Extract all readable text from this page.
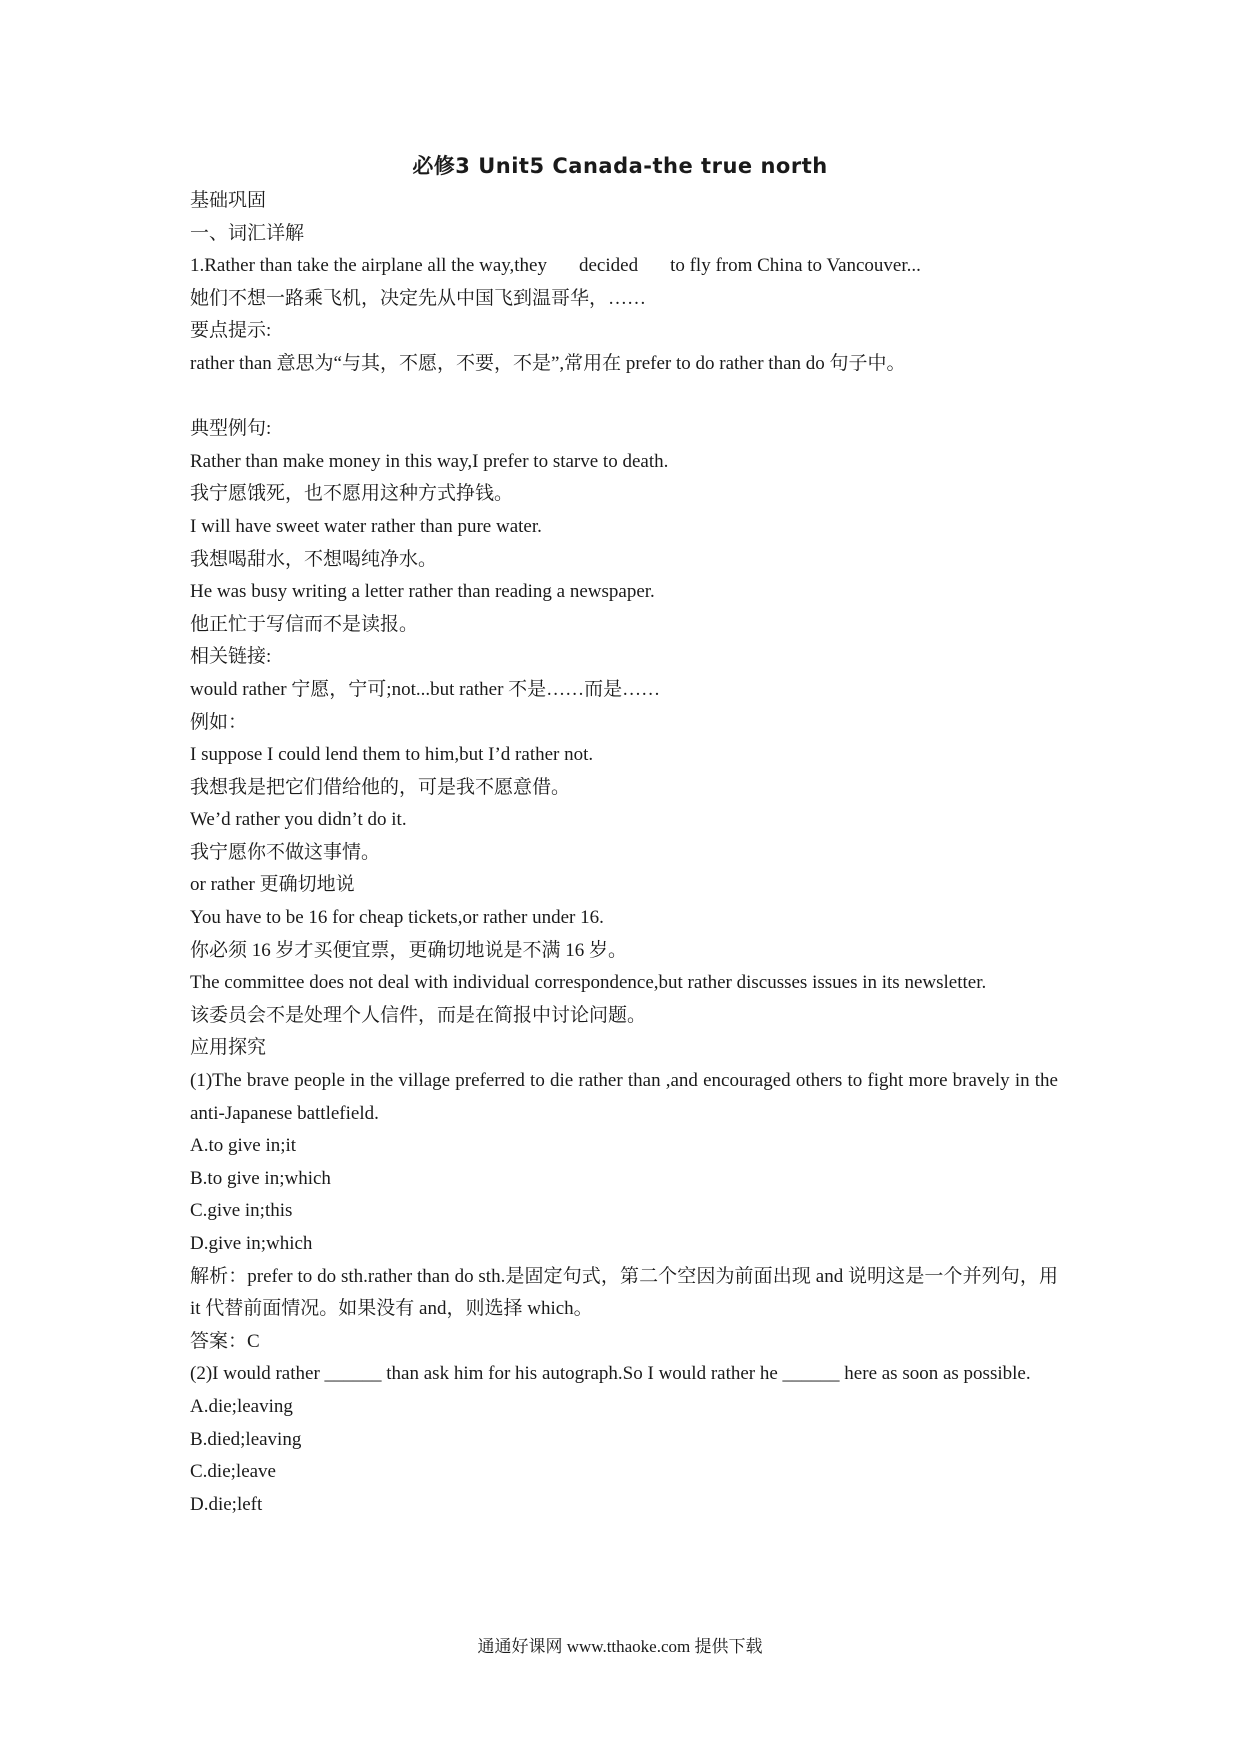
必修3 Unit5 Canada-the true north
基础巩固
一、词汇详解
1.Rather than take the airplane all the way,they decided to fly from China to Vancouver...
她们不想一路乘飞机，决定先从中国飞到温哥华，……
要点提示:
rather than 意思为“与其，不愿，不要，不是”,常用在 prefer to do rather than do 句子中。
典型例句:
Rather than make money in this way,I prefer to starve to death.
我宁愿饿死，也不愿用这种方式挣钱。
I will have sweet water rather than pure water.
我想喝甜水，不想喝纯净水。
He was busy writing a letter rather than reading a newspaper.
他正忙于写信而不是读报。
相关链接:
would rather 宁愿，宁可;not...but rather 不是……而是……
例如：
I suppose I could lend them to him,but I’d rather not.
我想我是把它们借给他的，可是我不愿意借。
We’d rather you didn’t do it.
我宁愿你不做这事情。
or rather 更确切地说
You have to be 16 for cheap tickets,or rather under 16.
你必须 16 岁才买便宜票，更确切地说是不满 16 岁。
The committee does not deal with individual correspondence,but rather discusses issues in its newsletter.
该委员会不是处理个人信件，而是在简报中讨论问题。
应用探究
(1)The brave people in the village preferred to die rather than ,and encouraged others to fight more bravely in the anti-Japanese battlefield.
A.to give in;it
B.to give in;which
C.give in;this
D.give in;which
解析：prefer to do sth.rather than do sth.是固定句式，第二个空因为前面出现 and 说明这是一个并列句，用 it 代替前面情况。如果没有 and，则选择 which。
答案：C
(2)I would rather ______ than ask him for his autograph.So I would rather he ______ here as soon as possible.
A.die;leaving
B.died;leaving
C.die;leave
D.die;left
通通好课网 www.tthaoke.com 提供下载
